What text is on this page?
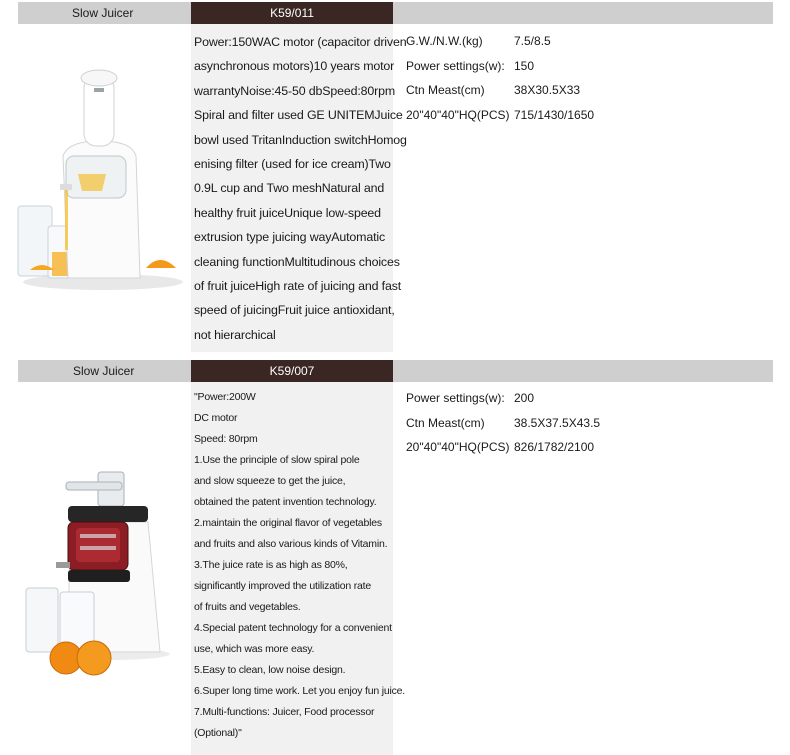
Slow Juicer	K59/011
Power:150WAC motor (capacitor driven
asynchronous motors)10 years motor
warrantyNoise:45-50 dbSpeed:80rpm
Spiral and filter used GE UNITEMJuice
bowl used TritanInduction switchHomog
enising filter (used for ice cream)Two
0.9L cup and Two meshNatural and
healthy fruit juiceUnique low-speed
extrusion type juicing wayAutomatic
cleaning functionMultitudinous choices
of fruit juiceHigh rate of juicing and fast
speed of juicingFruit juice antioxidant,
not hierarchical
G.W./N.W.(kg)	7.5/8.5
Power settings(w): 150
Ctn Meast(cm)	38X30.5X33
20"40"40"HQ(PCS) 715/1430/1650
Slow Juicer	K59/007
"Power:200W
DC motor
Speed: 80rpm
1.Use the principle of slow spiral pole
and slow squeeze to get the juice,
obtained the patent invention technology.
2.maintain the original flavor of vegetables
and fruits and also various kinds of Vitamin.
3.The juice rate is as high as 80%,
significantly improved the utilization rate
of fruits and vegetables.
4.Special patent technology for a convenient
use, which was more easy.
5.Easy to clean, low noise design.
6.Super long time work. Let you enjoy fun juice.
7.Multi-functions: Juicer, Food processor
(Optional)"
Power settings(w): 200
Ctn Meast(cm)	38.5X37.5X43.5
20"40"40"HQ(PCS) 826/1782/2100
